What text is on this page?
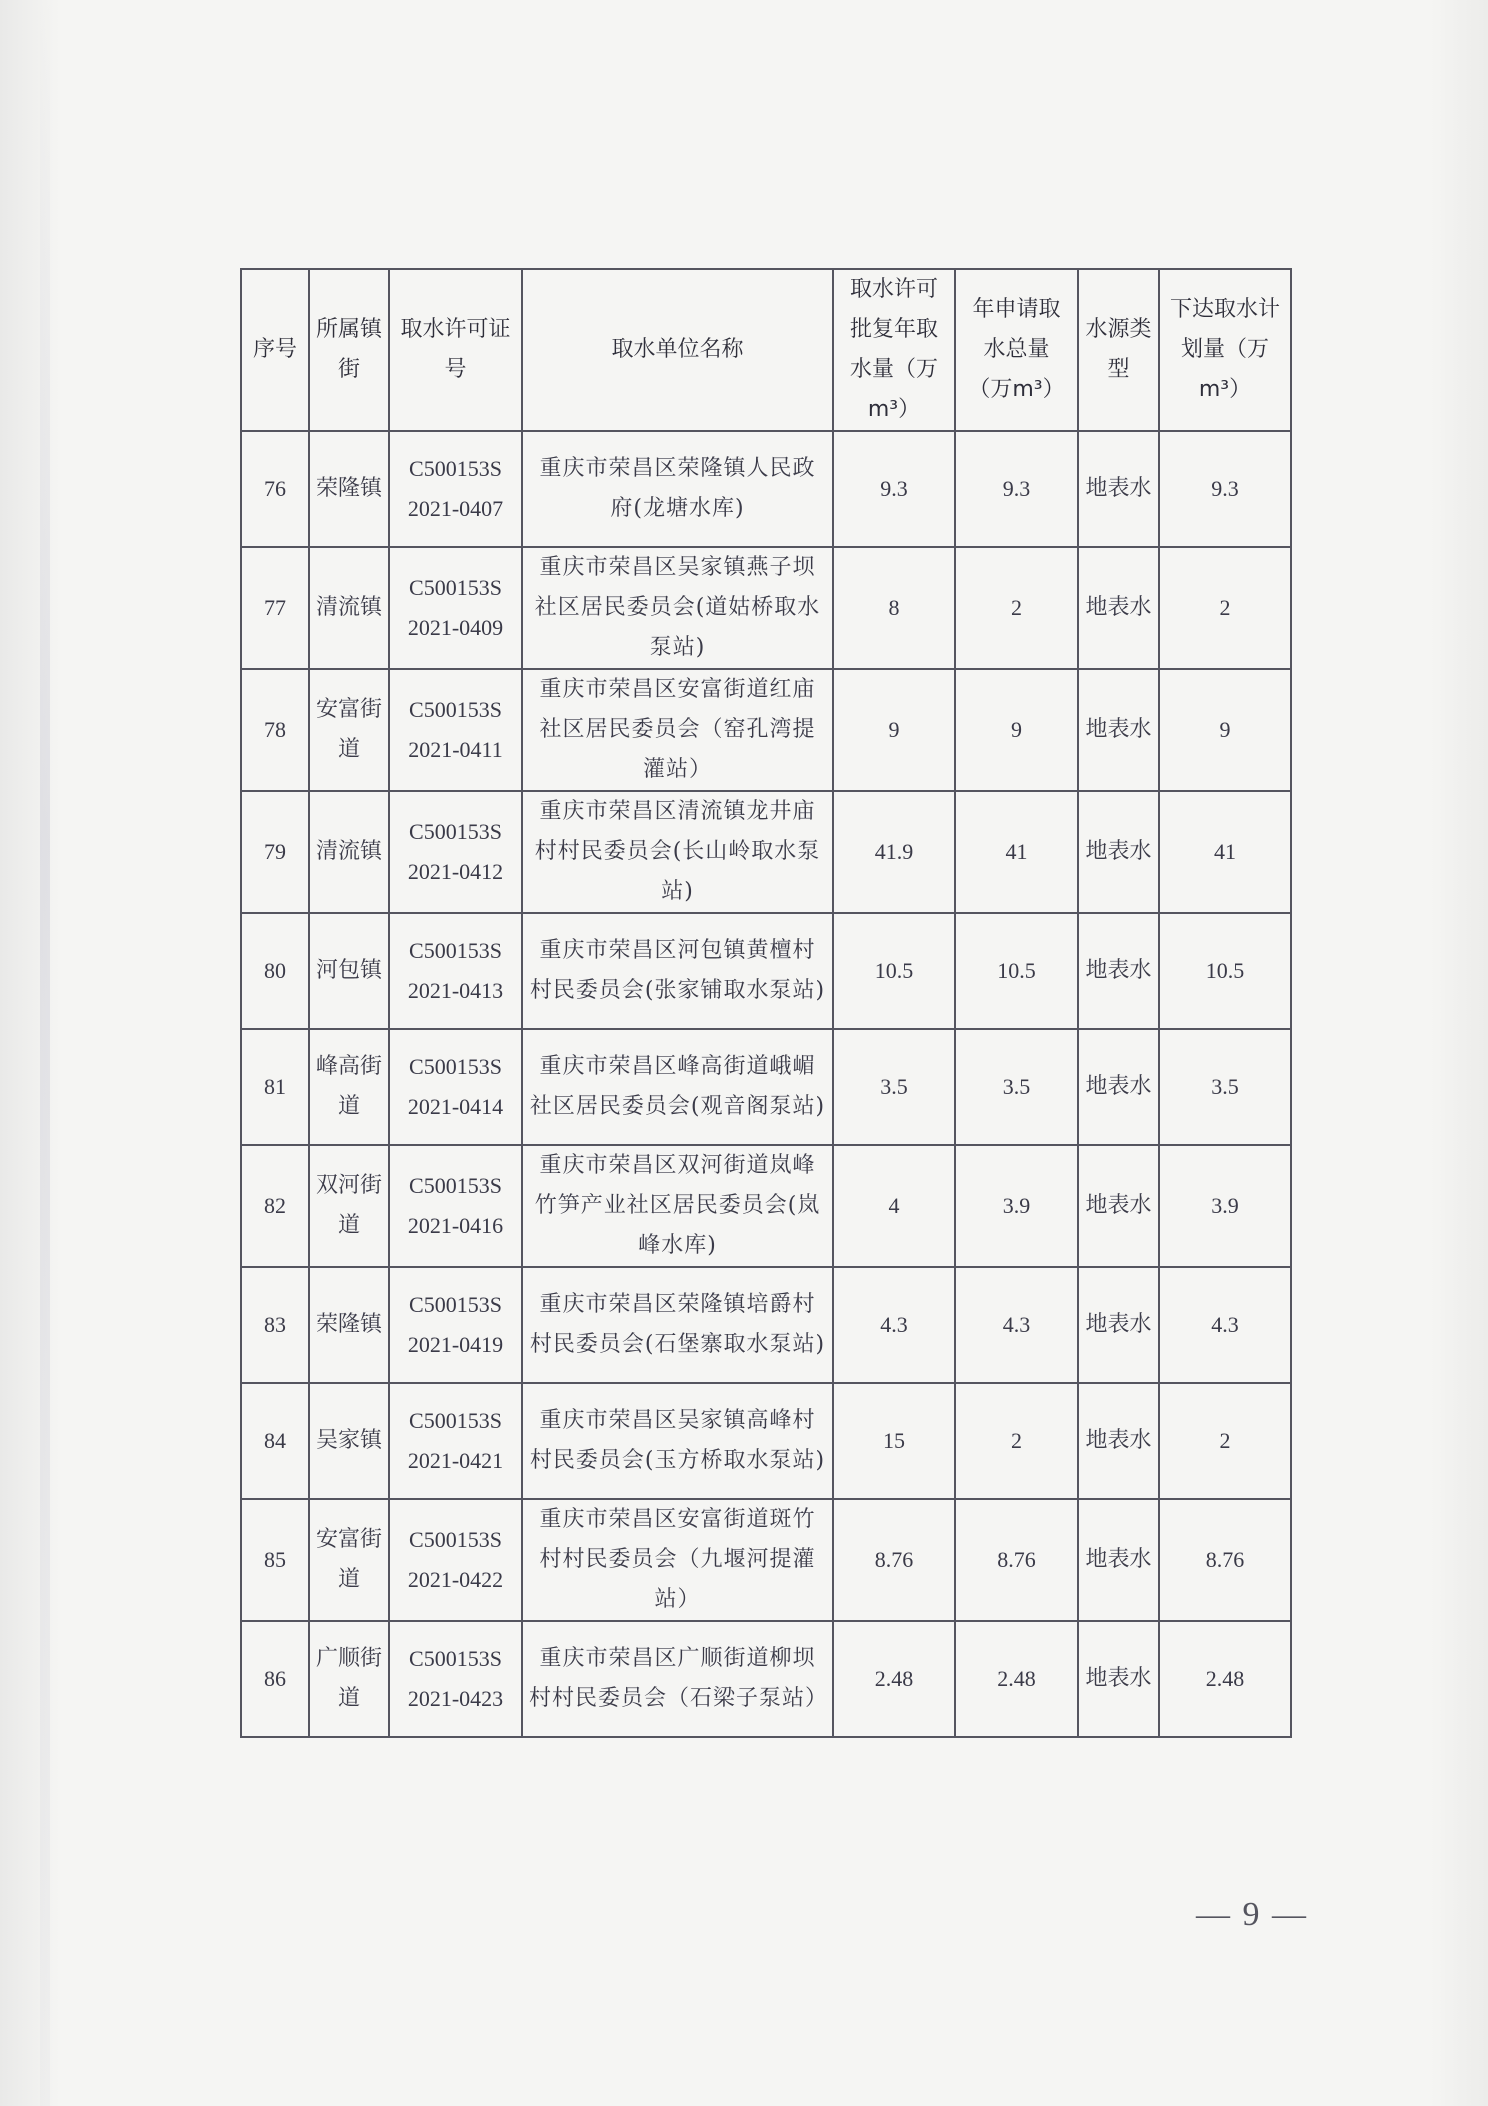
序号	所属镇街	取水许可证号	取水单位名称	取水许可批复年取水量（万m³）	年申请取水总量（万m³）	水源类型	下达取水计划量（万m³）
76	荣隆镇	C500153S 2021-0407	重庆市荣昌区荣隆镇人民政府(龙塘水库)	9.3	9.3	地表水	9.3
77	清流镇	C500153S 2021-0409	重庆市荣昌区吴家镇燕子坝社区居民委员会(道姑桥取水泵站)	8	2	地表水	2
78	安富街道	C500153S 2021-0411	重庆市荣昌区安富街道红庙社区居民委员会（窑孔湾提灌站）	9	9	地表水	9
79	清流镇	C500153S 2021-0412	重庆市荣昌区清流镇龙井庙村村民委员会(长山岭取水泵站)	41.9	41	地表水	41
80	河包镇	C500153S 2021-0413	重庆市荣昌区河包镇黄檀村村民委员会(张家铺取水泵站)	10.5	10.5	地表水	10.5
81	峰高街道	C500153S 2021-0414	重庆市荣昌区峰高街道峨嵋社区居民委员会(观音阁泵站)	3.5	3.5	地表水	3.5
82	双河街道	C500153S 2021-0416	重庆市荣昌区双河街道岚峰竹笋产业社区居民委员会(岚峰水库)	4	3.9	地表水	3.9
83	荣隆镇	C500153S 2021-0419	重庆市荣昌区荣隆镇培爵村村民委员会(石堡寨取水泵站)	4.3	4.3	地表水	4.3
84	吴家镇	C500153S 2021-0421	重庆市荣昌区吴家镇高峰村村民委员会(玉方桥取水泵站)	15	2	地表水	2
85	安富街道	C500153S 2021-0422	重庆市荣昌区安富街道斑竹村村民委员会（九堰河提灌站）	8.76	8.76	地表水	8.76
86	广顺街道	C500153S 2021-0423	重庆市荣昌区广顺街道柳坝村村民委员会（石梁子泵站）	2.48	2.48	地表水	2.48
— 9 —
